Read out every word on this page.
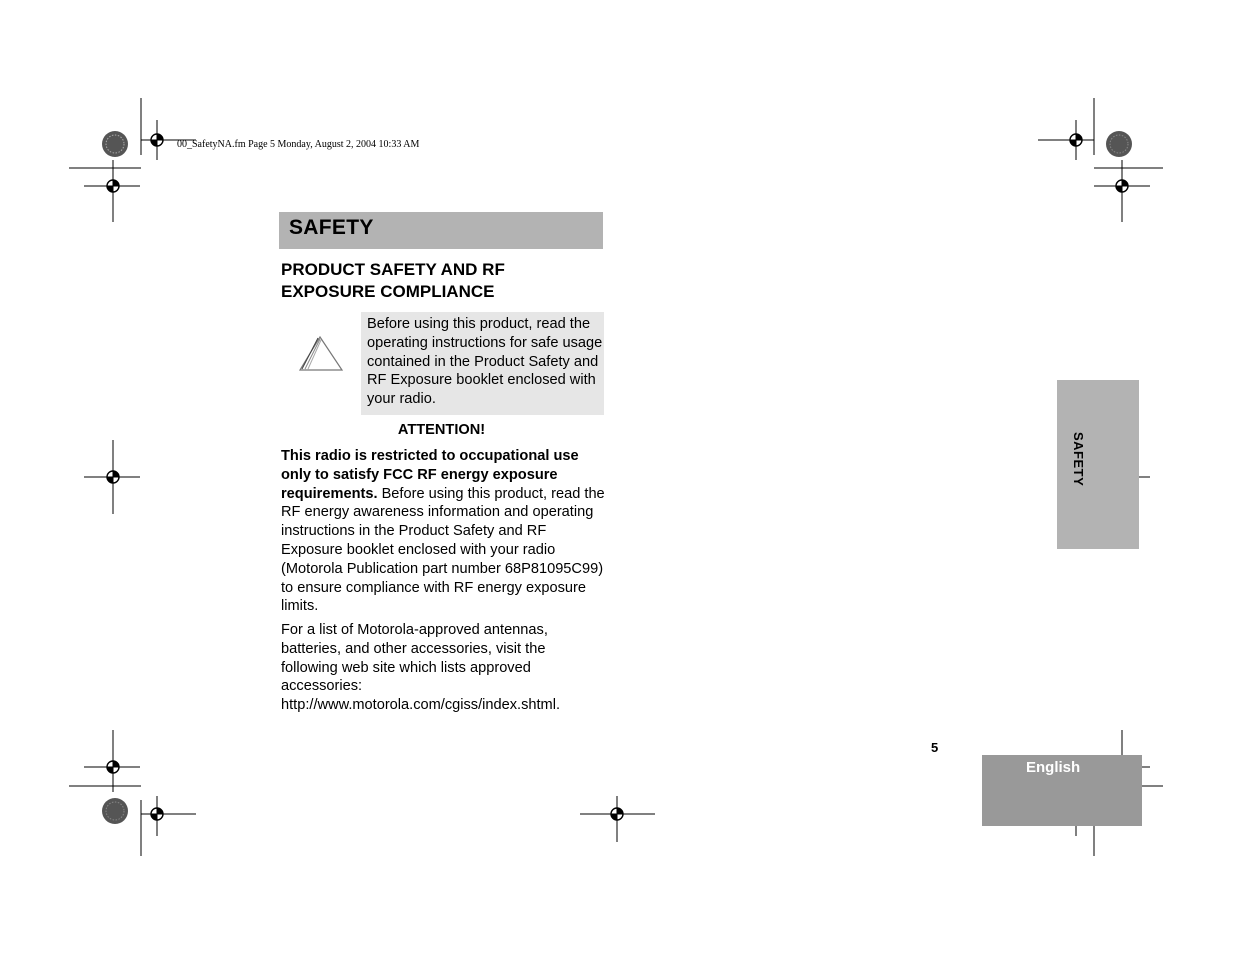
00_SafetyNA.fm Page 5 Monday, August 2, 2004 10:33 AM
SAFETY
PRODUCT SAFETY AND RF
EXPOSURE COMPLIANCE
Before using this product, read the operating instructions for safe usage contained in the Product Safety and RF Exposure booklet enclosed with your radio.
ATTENTION!
This radio is restricted to occupational use only to satisfy FCC RF energy exposure requirements. Before using this product, read the RF energy awareness information and operating instructions in the Product Safety and RF Exposure booklet enclosed with your radio (Motorola Publication part number 68P81095C99) to ensure compliance with RF energy exposure limits.
For a list of Motorola-approved antennas, batteries, and other accessories, visit the following web site which lists approved accessories: http://www.motorola.com/cgiss/index.shtml.
SAFETY
5
English
